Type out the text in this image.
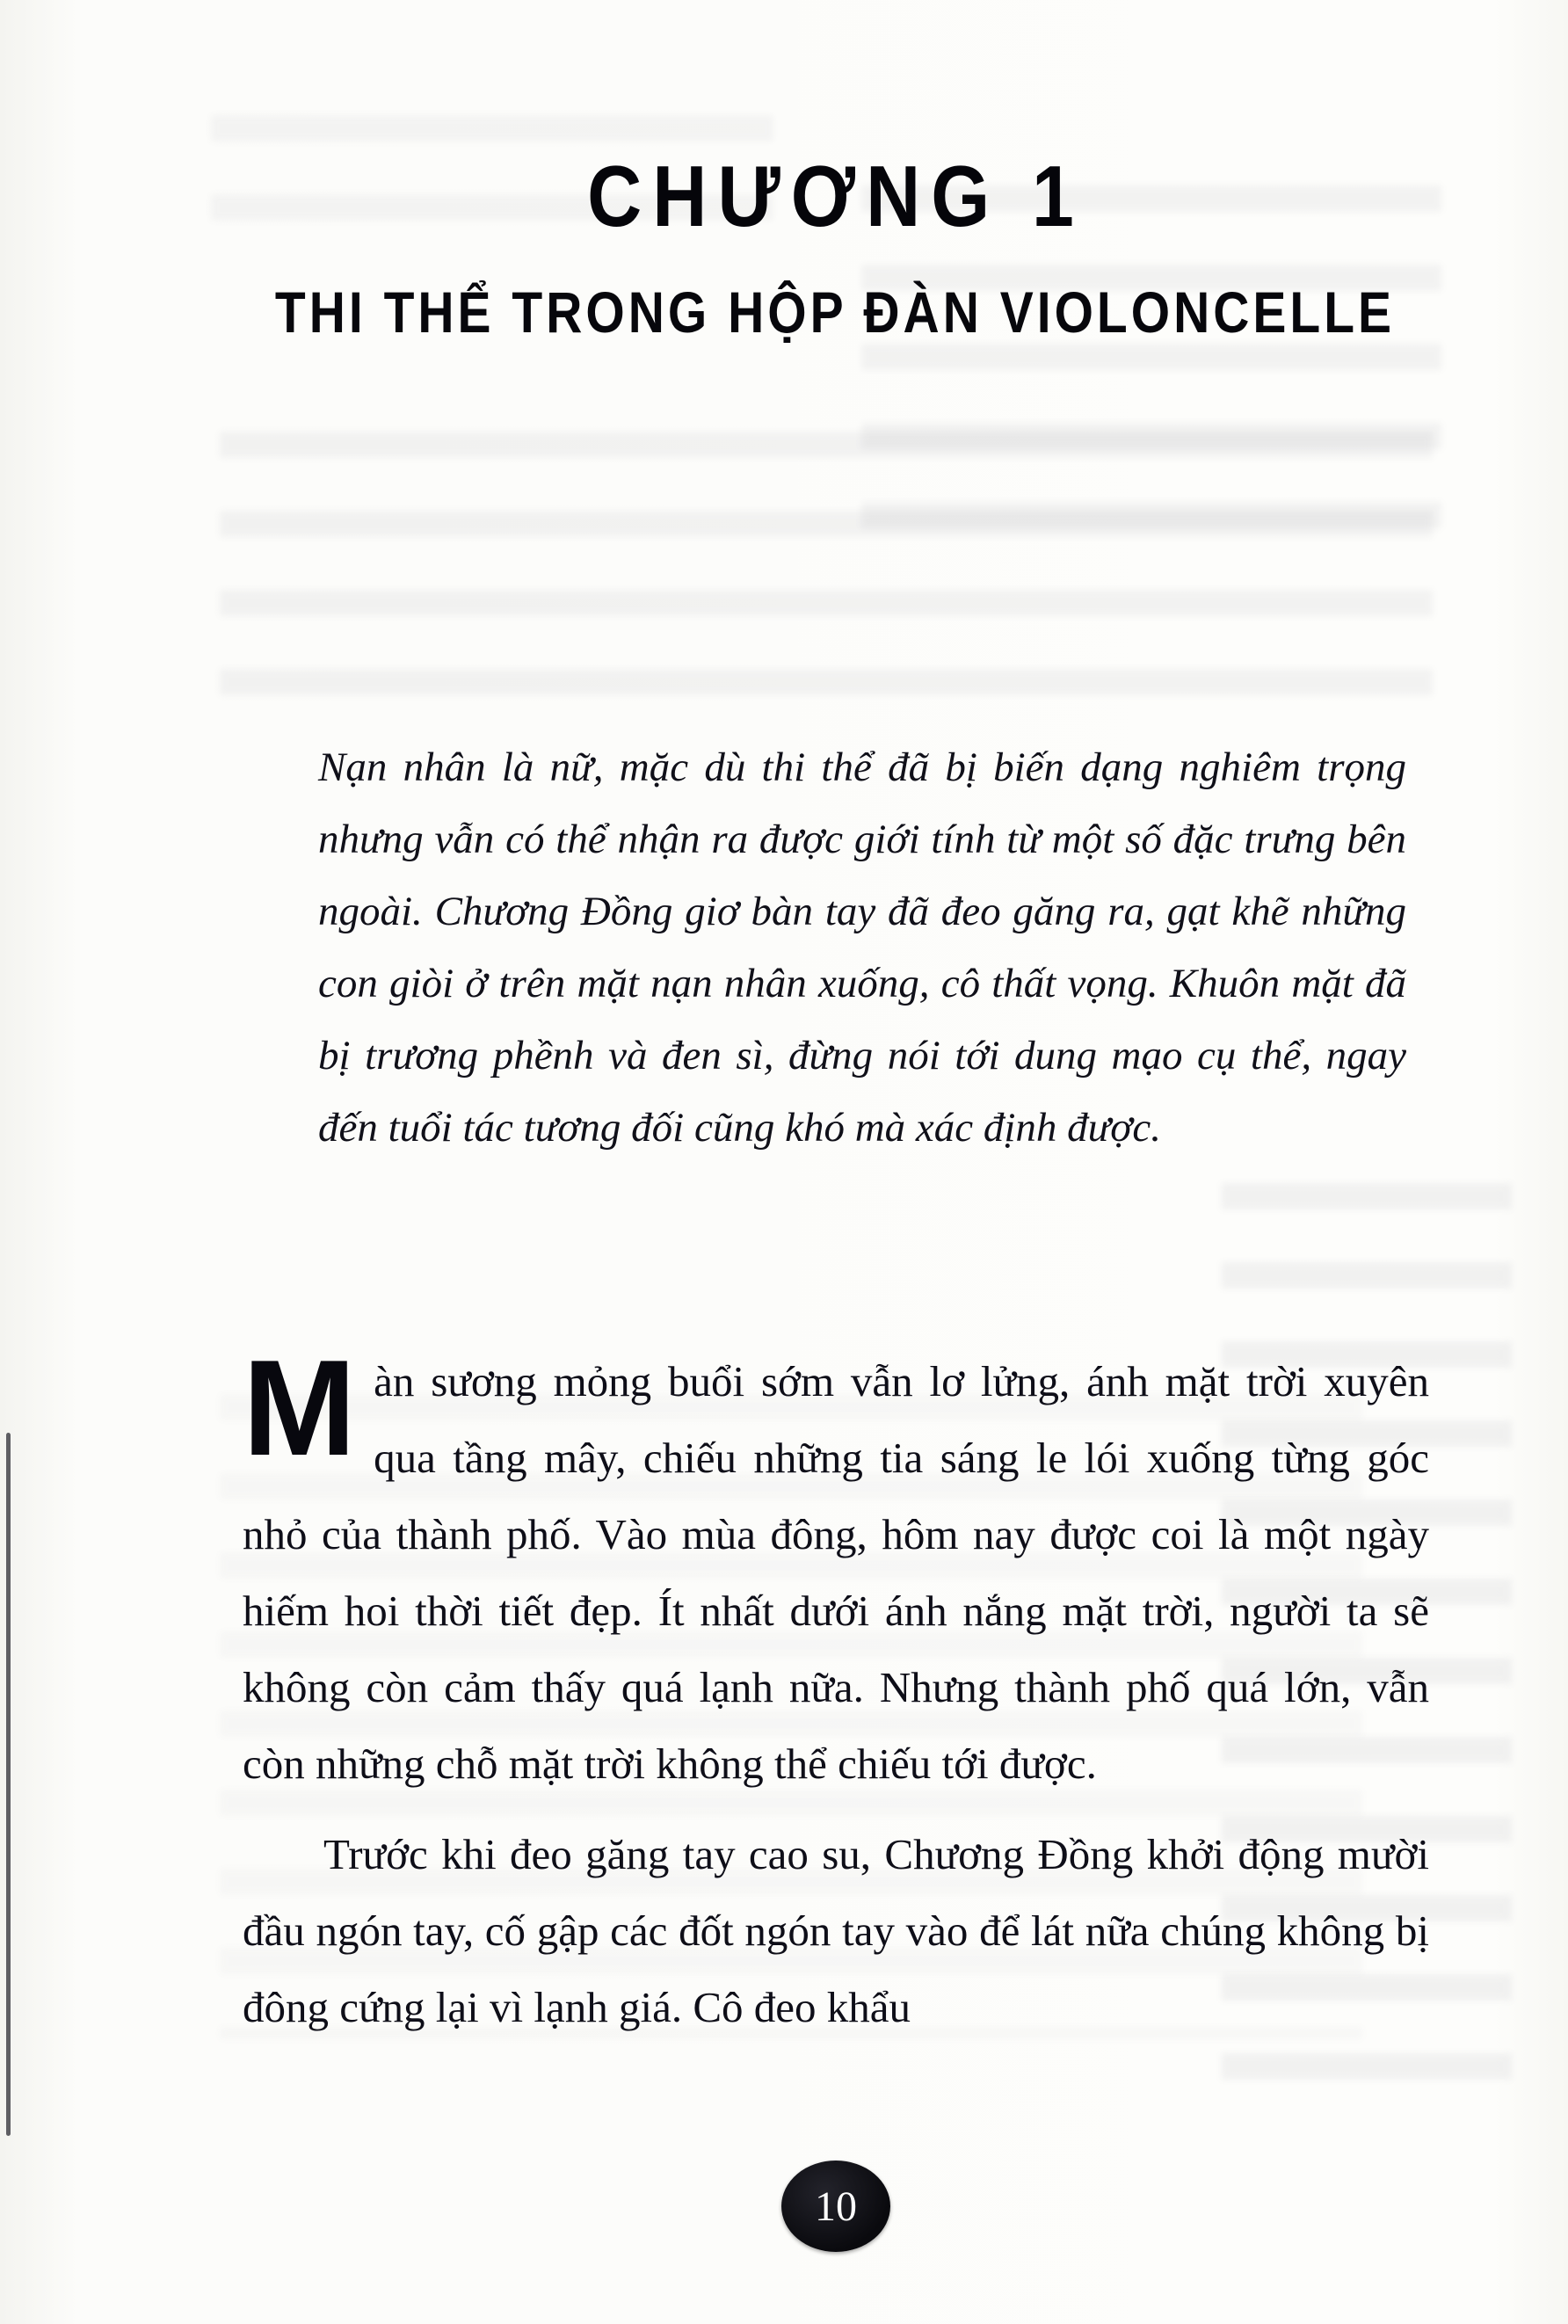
CHƯƠNG 1
THI THỂ TRONG HỘP ĐÀN VIOLONCELLE
Nạn nhân là nữ, mặc dù thi thể đã bị biến dạng nghiêm trọng nhưng vẫn có thể nhận ra được giới tính từ một số đặc trưng bên ngoài. Chương Đồng giơ bàn tay đã đeo găng ra, gạt khẽ những con giòi ở trên mặt nạn nhân xuống, cô thất vọng. Khuôn mặt đã bị trương phềnh và đen sì, đừng nói tới dung mạo cụ thể, ngay đến tuổi tác tương đối cũng khó mà xác định được.

Màn sương mỏng buổi sớm vẫn lơ lửng, ánh mặt trời xuyên qua tầng mây, chiếu những tia sáng le lói xuống từng góc nhỏ của thành phố. Vào mùa đông, hôm nay được coi là một ngày hiếm hoi thời tiết đẹp. Ít nhất dưới ánh nắng mặt trời, người ta sẽ không còn cảm thấy quá lạnh nữa. Nhưng thành phố quá lớn, vẫn còn những chỗ mặt trời không thể chiếu tới được.

Trước khi đeo găng tay cao su, Chương Đồng khởi động mười đầu ngón tay, cố gập các đốt ngón tay vào để lát nữa chúng không bị đông cứng lại vì lạnh giá. Cô đeo khẩu

10
